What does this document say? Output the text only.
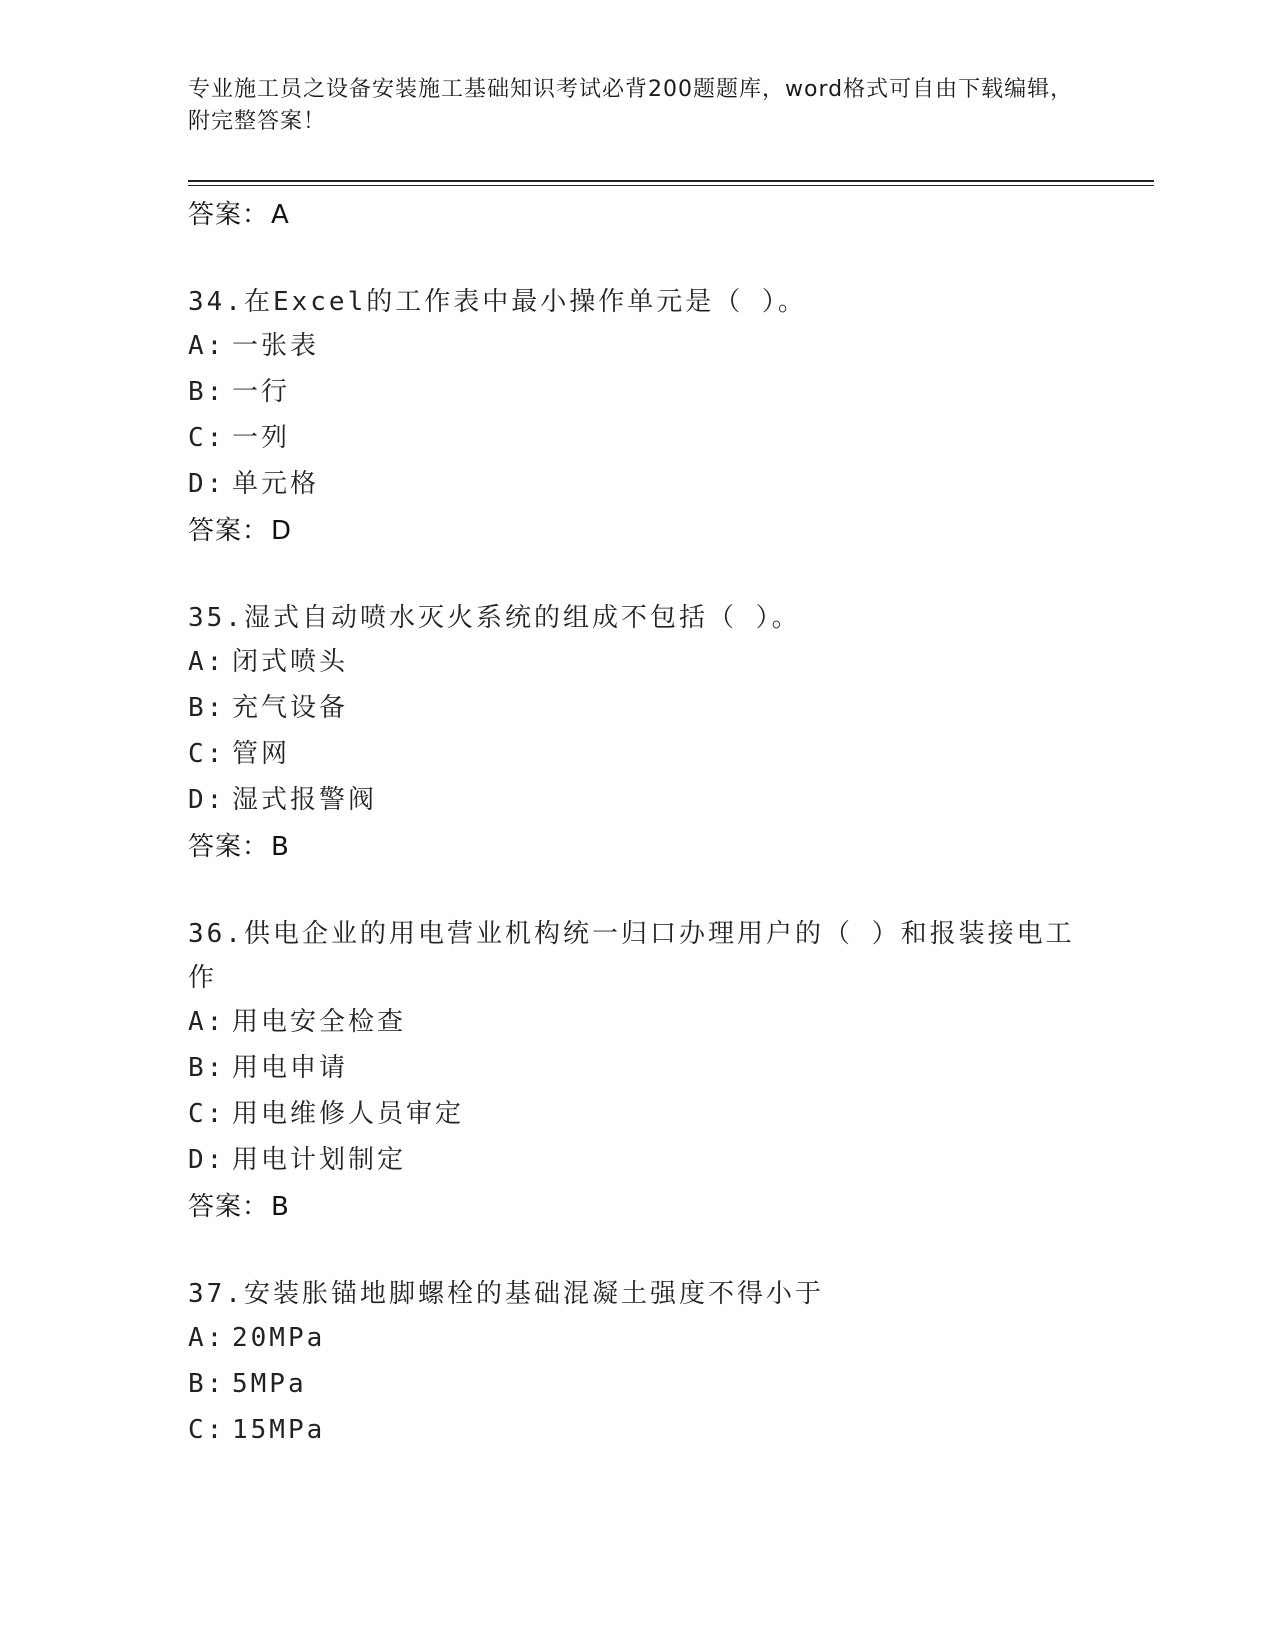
专业施工员之设备安装施工基础知识考试必背200题题库，word格式可自由下载编辑，附完整答案！
答案： A
34.在Excel的工作表中最小操作单元是（ ）。
A: 一张表
B: 一行
C: 一列
D: 单元格
答案： D
35.湿式自动喷水灭火系统的组成不包括（ ）。
A: 闭式喷头
B: 充气设备
C: 管网
D: 湿式报警阀
答案： B
36.供电企业的用电营业机构统一归口办理用户的（ ）和报装接电工作
A: 用电安全检查
B: 用电申请
C: 用电维修人员审定
D: 用电计划制定
答案： B
37.安装胀锚地脚螺栓的基础混凝土强度不得小于
A: 20MPa
B: 5MPa
C: 15MPa
